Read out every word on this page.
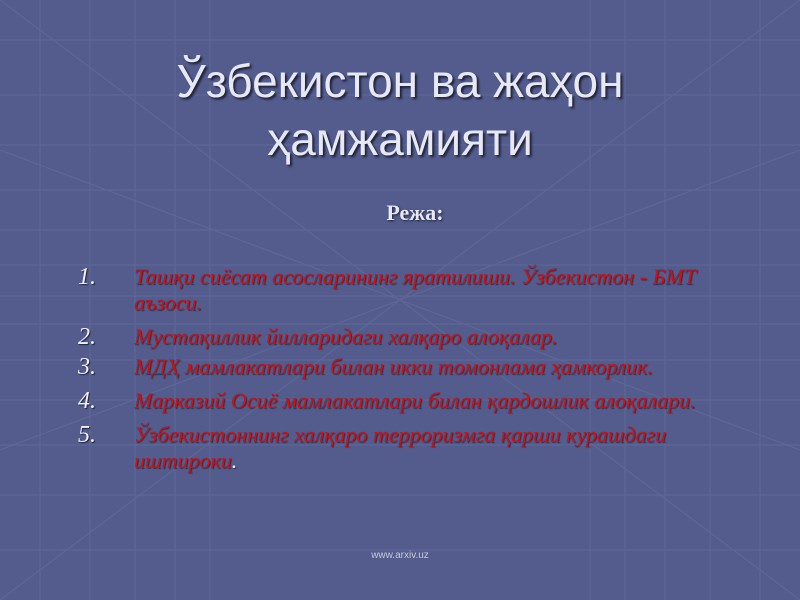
Ўзбекистон ва жаҳон
ҳамжамияти
Режа:
1.	Ташқи сиёсат асосларининг яратилиши. Ўзбекистон - БМТ аъзоси.
2.	Мустақиллик йилларидаги халқаро алоқалар.
3.	МДҲ мамлакатлари билан икки томонлама ҳамкорлик.
4.	Марказий Осиё мамлакатлари билан қардошлик алоқалари.
5.	Ўзбекистоннинг халқаро терроризмга қарши курашдаги иштироки.
www.arxiv.uz
